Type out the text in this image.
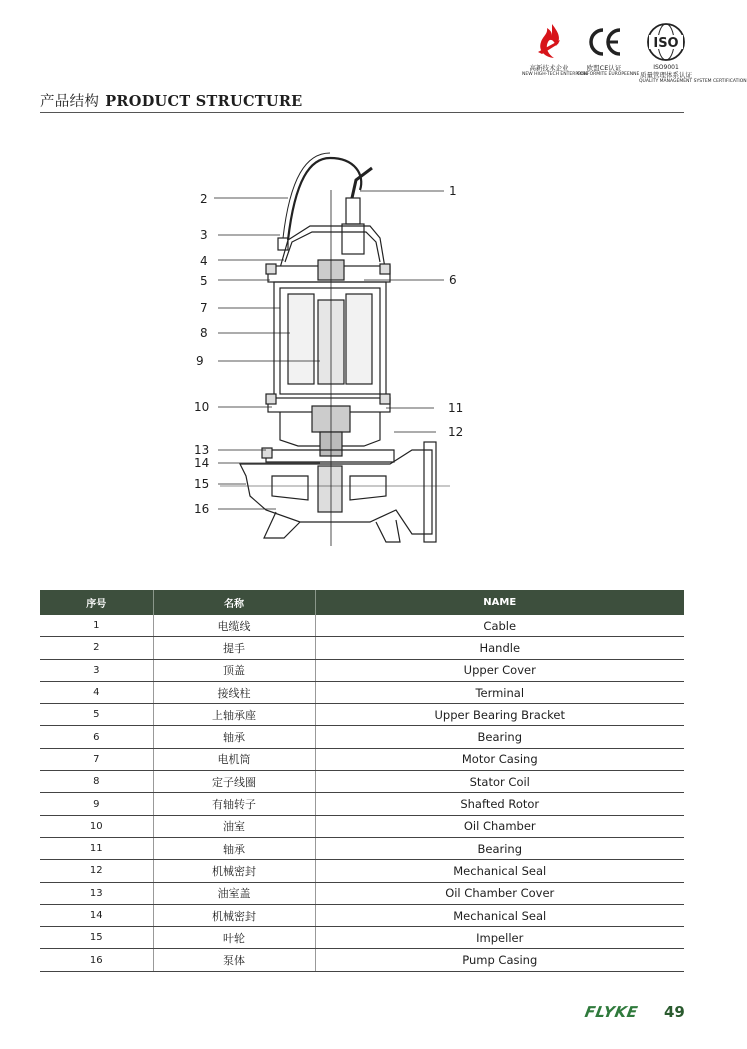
高新技术企业
NEW HIGH-TECH ENTERPRISE
欧盟CE认证
CONFORMITE EUROPEENNE
ISO
ISO9001
质量管理体系认证
QUALITY MANAGEMENT SYSTEM CERTIFICATION
产品结构 PRODUCT STRUCTURE
2
3
4
5
7
8
9
10
13
14
15
16
1
6
11
12
序号	名称	NAME
1	电缆线	Cable
2	提手	Handle
3	顶盖	Upper Cover
4	接线柱	Terminal
5	上轴承座	Upper Bearing Bracket
6	轴承	Bearing
7	电机筒	Motor Casing
8	定子线圈	Stator Coil
9	有轴转子	Shafted Rotor
10	油室	Oil Chamber
11	轴承	Bearing
12	机械密封	Mechanical Seal
13	油室盖	Oil Chamber Cover
14	机械密封	Mechanical Seal
15	叶轮	Impeller
16	泵体	Pump Casing
FLYKE 49
